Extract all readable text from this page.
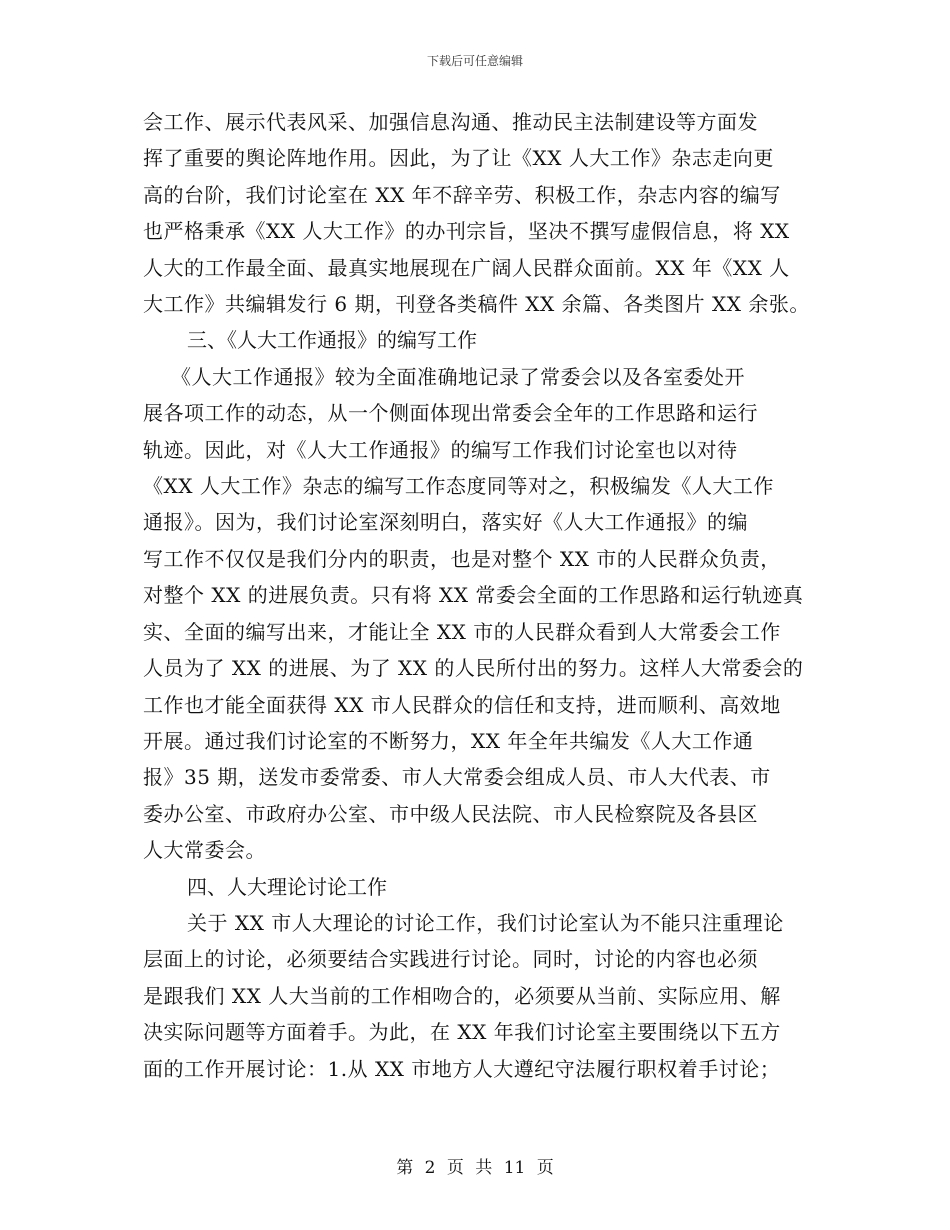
下载后可任意编辑
会工作、展示代表风采、加强信息沟通、推动民主法制建设等方面发
挥了重要的舆论阵地作用。因此，为了让《XX 人大工作》杂志走向更
高的台阶，我们讨论室在 XX 年不辞辛劳、积极工作，杂志内容的编写
也严格秉承《XX 人大工作》的办刊宗旨，坚决不撰写虚假信息，将 XX
人大的工作最全面、最真实地展现在广阔人民群众面前。XX 年《XX 人
大工作》共编辑发行 6 期，刊登各类稿件 XX 余篇、各类图片 XX 余张。
三、《人大工作通报》的编写工作
《人大工作通报》较为全面准确地记录了常委会以及各室委处开
展各项工作的动态，从一个侧面体现出常委会全年的工作思路和运行
轨迹。因此，对《人大工作通报》的编写工作我们讨论室也以对待
《XX 人大工作》杂志的编写工作态度同等对之，积极编发《人大工作
通报》。因为，我们讨论室深刻明白，落实好《人大工作通报》的编
写工作不仅仅是我们分内的职责，也是对整个 XX 市的人民群众负责，
对整个 XX 的进展负责。只有将 XX 常委会全面的工作思路和运行轨迹真
实、全面的编写出来，才能让全 XX 市的人民群众看到人大常委会工作
人员为了 XX 的进展、为了 XX 的人民所付出的努力。这样人大常委会的
工作也才能全面获得 XX 市人民群众的信任和支持，进而顺利、高效地
开展。通过我们讨论室的不断努力，XX 年全年共编发《人大工作通
报》35 期，送发市委常委、市人大常委会组成人员、市人大代表、市
委办公室、市政府办公室、市中级人民法院、市人民检察院及各县区
人大常委会。
四、人大理论讨论工作
关于 XX 市人大理论的讨论工作，我们讨论室认为不能只注重理论
层面上的讨论，必须要结合实践进行讨论。同时，讨论的内容也必须
是跟我们 XX 人大当前的工作相吻合的，必须要从当前、实际应用、解
决实际问题等方面着手。为此，在 XX 年我们讨论室主要围绕以下五方
面的工作开展讨论：1.从 XX 市地方人大遵纪守法履行职权着手讨论；
第 2 页 共 11 页
